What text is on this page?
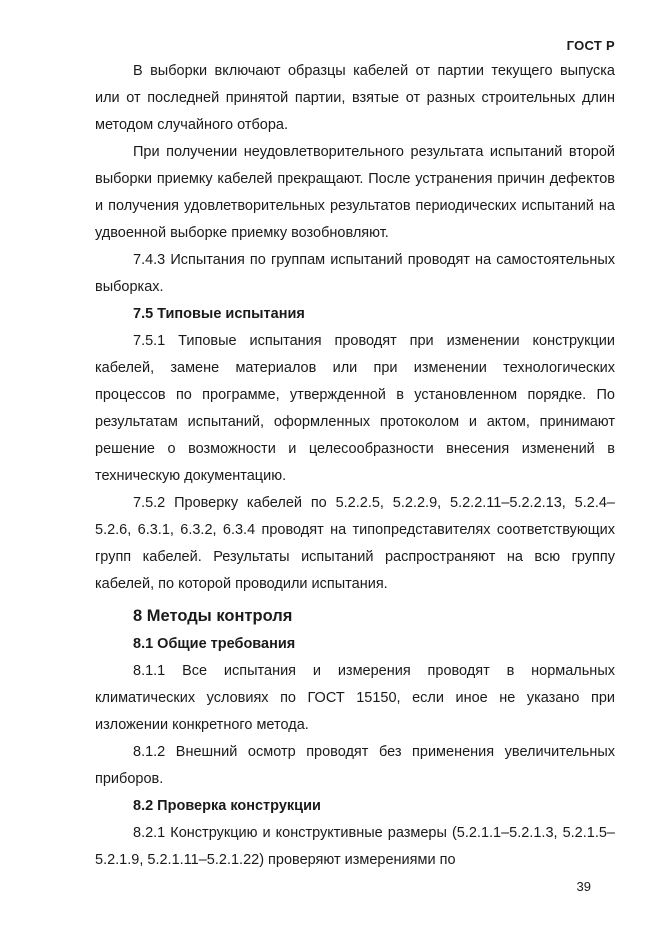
ГОСТ Р

В выборки включают образцы кабелей от партии текущего выпуска или от последней принятой партии, взятые от разных строительных длин методом случайного отбора.

При получении неудовлетворительного результата испытаний второй выборки приемку кабелей прекращают. После устранения причин дефектов и получения удовлетворительных результатов периодических испытаний на удвоенной выборке приемку возобновляют.

7.4.3 Испытания по группам испытаний проводят на самостоятельных выборках.

7.5 Типовые испытания

7.5.1 Типовые испытания проводят при изменении конструкции кабелей, замене материалов или при изменении технологических процессов по программе, утвержденной в установленном порядке. По результатам испытаний, оформленных протоколом и актом, принимают решение о возможности и целесообразности внесения изменений в техническую документацию.

7.5.2 Проверку кабелей по 5.2.2.5, 5.2.2.9, 5.2.2.11–5.2.2.13, 5.2.4–5.2.6, 6.3.1, 6.3.2, 6.3.4 проводят на типопредставителях соответствующих групп кабелей. Результаты испытаний распространяют на всю группу кабелей, по которой проводили испытания.

8 Методы контроля
8.1 Общие требования

8.1.1 Все испытания и измерения проводят в нормальных климатических условиях по ГОСТ 15150, если иное не указано при изложении конкретного метода.

8.1.2 Внешний осмотр проводят без применения увеличительных приборов.

8.2 Проверка конструкции

8.2.1 Конструкцию и конструктивные размеры (5.2.1.1–5.2.1.3, 5.2.1.5–5.2.1.9, 5.2.1.11–5.2.1.22) проверяют измерениями по

39
